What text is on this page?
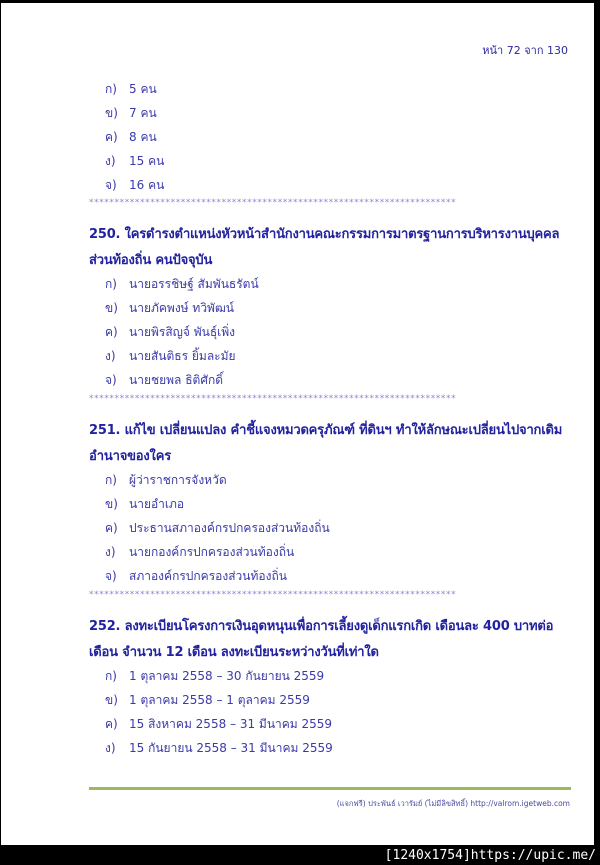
หน้า 72 จาก 130
ก) 5 คน
ข) 7 คน
ค) 8 คน
ง) 15 คน
จ) 16 คน
************************************************************************
250. ใครดำรงตำแหน่งหัวหน้าสำนักงานคณะกรรมการมาตรฐานการบริหารงานบุคคล
ส่วนท้องถิ่น คนปัจจุบัน
ก) นายอรรชิษฐ์ สัมพันธรัตน์
ข) นายภัคพงษ์ ทวิพัฒน์
ค) นายพิรสิญจ์ พันธุ์เพิ่ง
ง) นายสันติธร ยิ้มละมัย
จ) นายชยพล ธิติศักดิ์
************************************************************************
251. แก้ไข เปลี่ยนแปลง คำชี้แจงหมวดครุภัณฑ์ ที่ดินฯ ทำให้ลักษณะเปลี่ยนไปจากเดิม
อำนาจของใคร
ก) ผู้ว่าราชการจังหวัด
ข) นายอำเภอ
ค) ประธานสภาองค์กรปกครองส่วนท้องถิ่น
ง) นายกองค์กรปกครองส่วนท้องถิ่น
จ) สภาองค์กรปกครองส่วนท้องถิ่น
************************************************************************
252. ลงทะเบียนโครงการเงินอุดหนุนเพื่อการเลี้ยงดูเด็กแรกเกิด เดือนละ 400 บาทต่อ
เดือน จำนวน 12 เดือน ลงทะเบียนระหว่างวันที่เท่าใด
ก) 1 ตุลาคม 2558 – 30 กันยายน 2559
ข) 1 ตุลาคม 2558 – 1 ตุลาคม 2559
ค) 15 สิงหาคม 2558 – 31 มีนาคม 2559
ง) 15 กันยายน 2558 – 31 มีนาคม 2559
(แจกฟรี) ประพันธ์ เวารัมย์ (ไม่มีลิขสิทธิ์) http://valrom.igetweb.com
[1240x1754]https://upic.me/
